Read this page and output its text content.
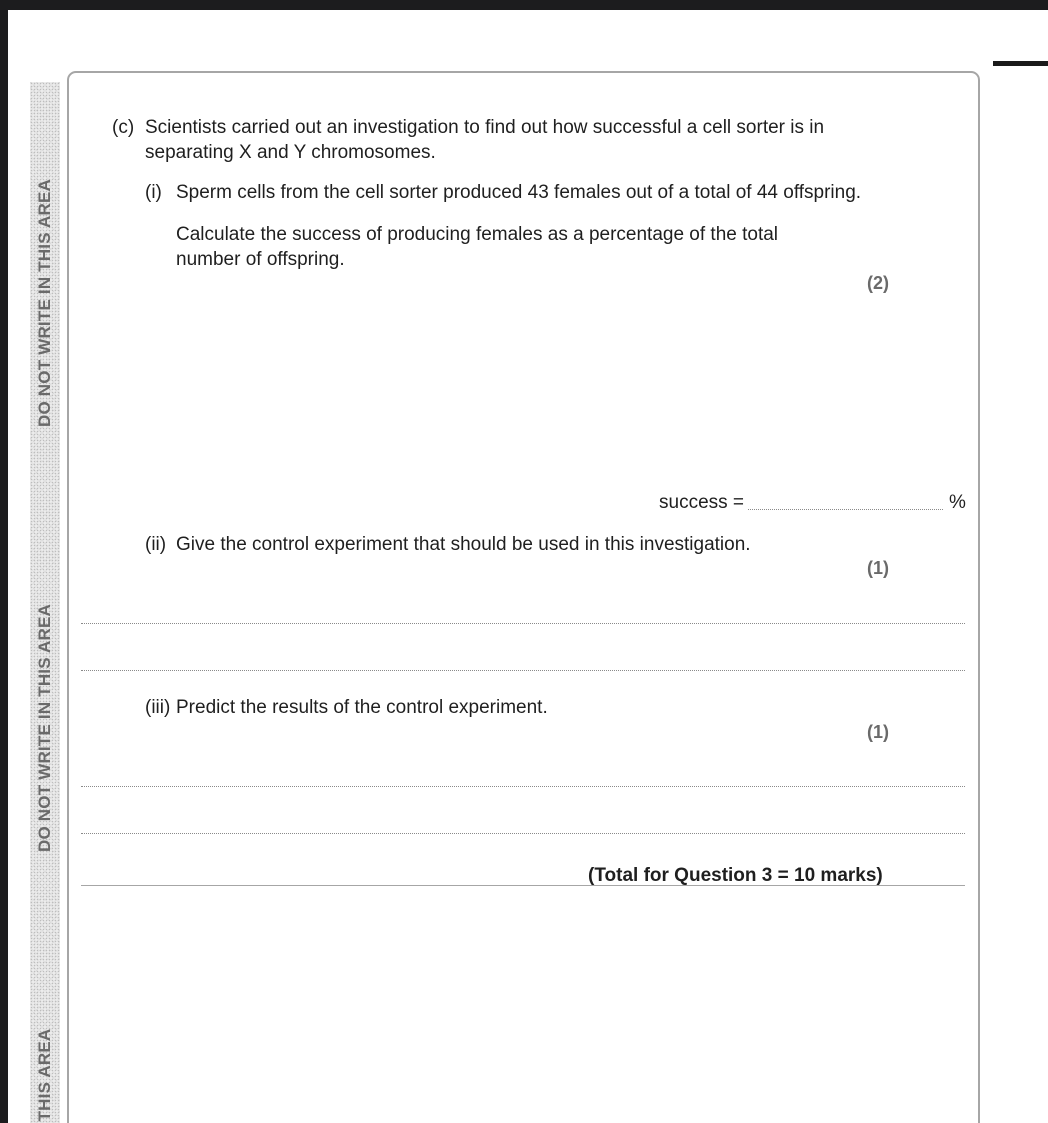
DO NOT WRITE IN THIS AREA
DO NOT WRITE IN THIS AREA
THIS AREA
(c) Scientists carried out an investigation to find out how successful a cell sorter is in
separating X and Y chromosomes.
(i) Sperm cells from the cell sorter produced 43 females out of a total of 44 offspring.
Calculate the success of producing females as a percentage of the total
number of offspring.
(2)
success =	%
(ii) Give the control experiment that should be used in this investigation.
(1)
(iii) Predict the results of the control experiment.
(1)
(Total for Question 3 = 10 marks)
